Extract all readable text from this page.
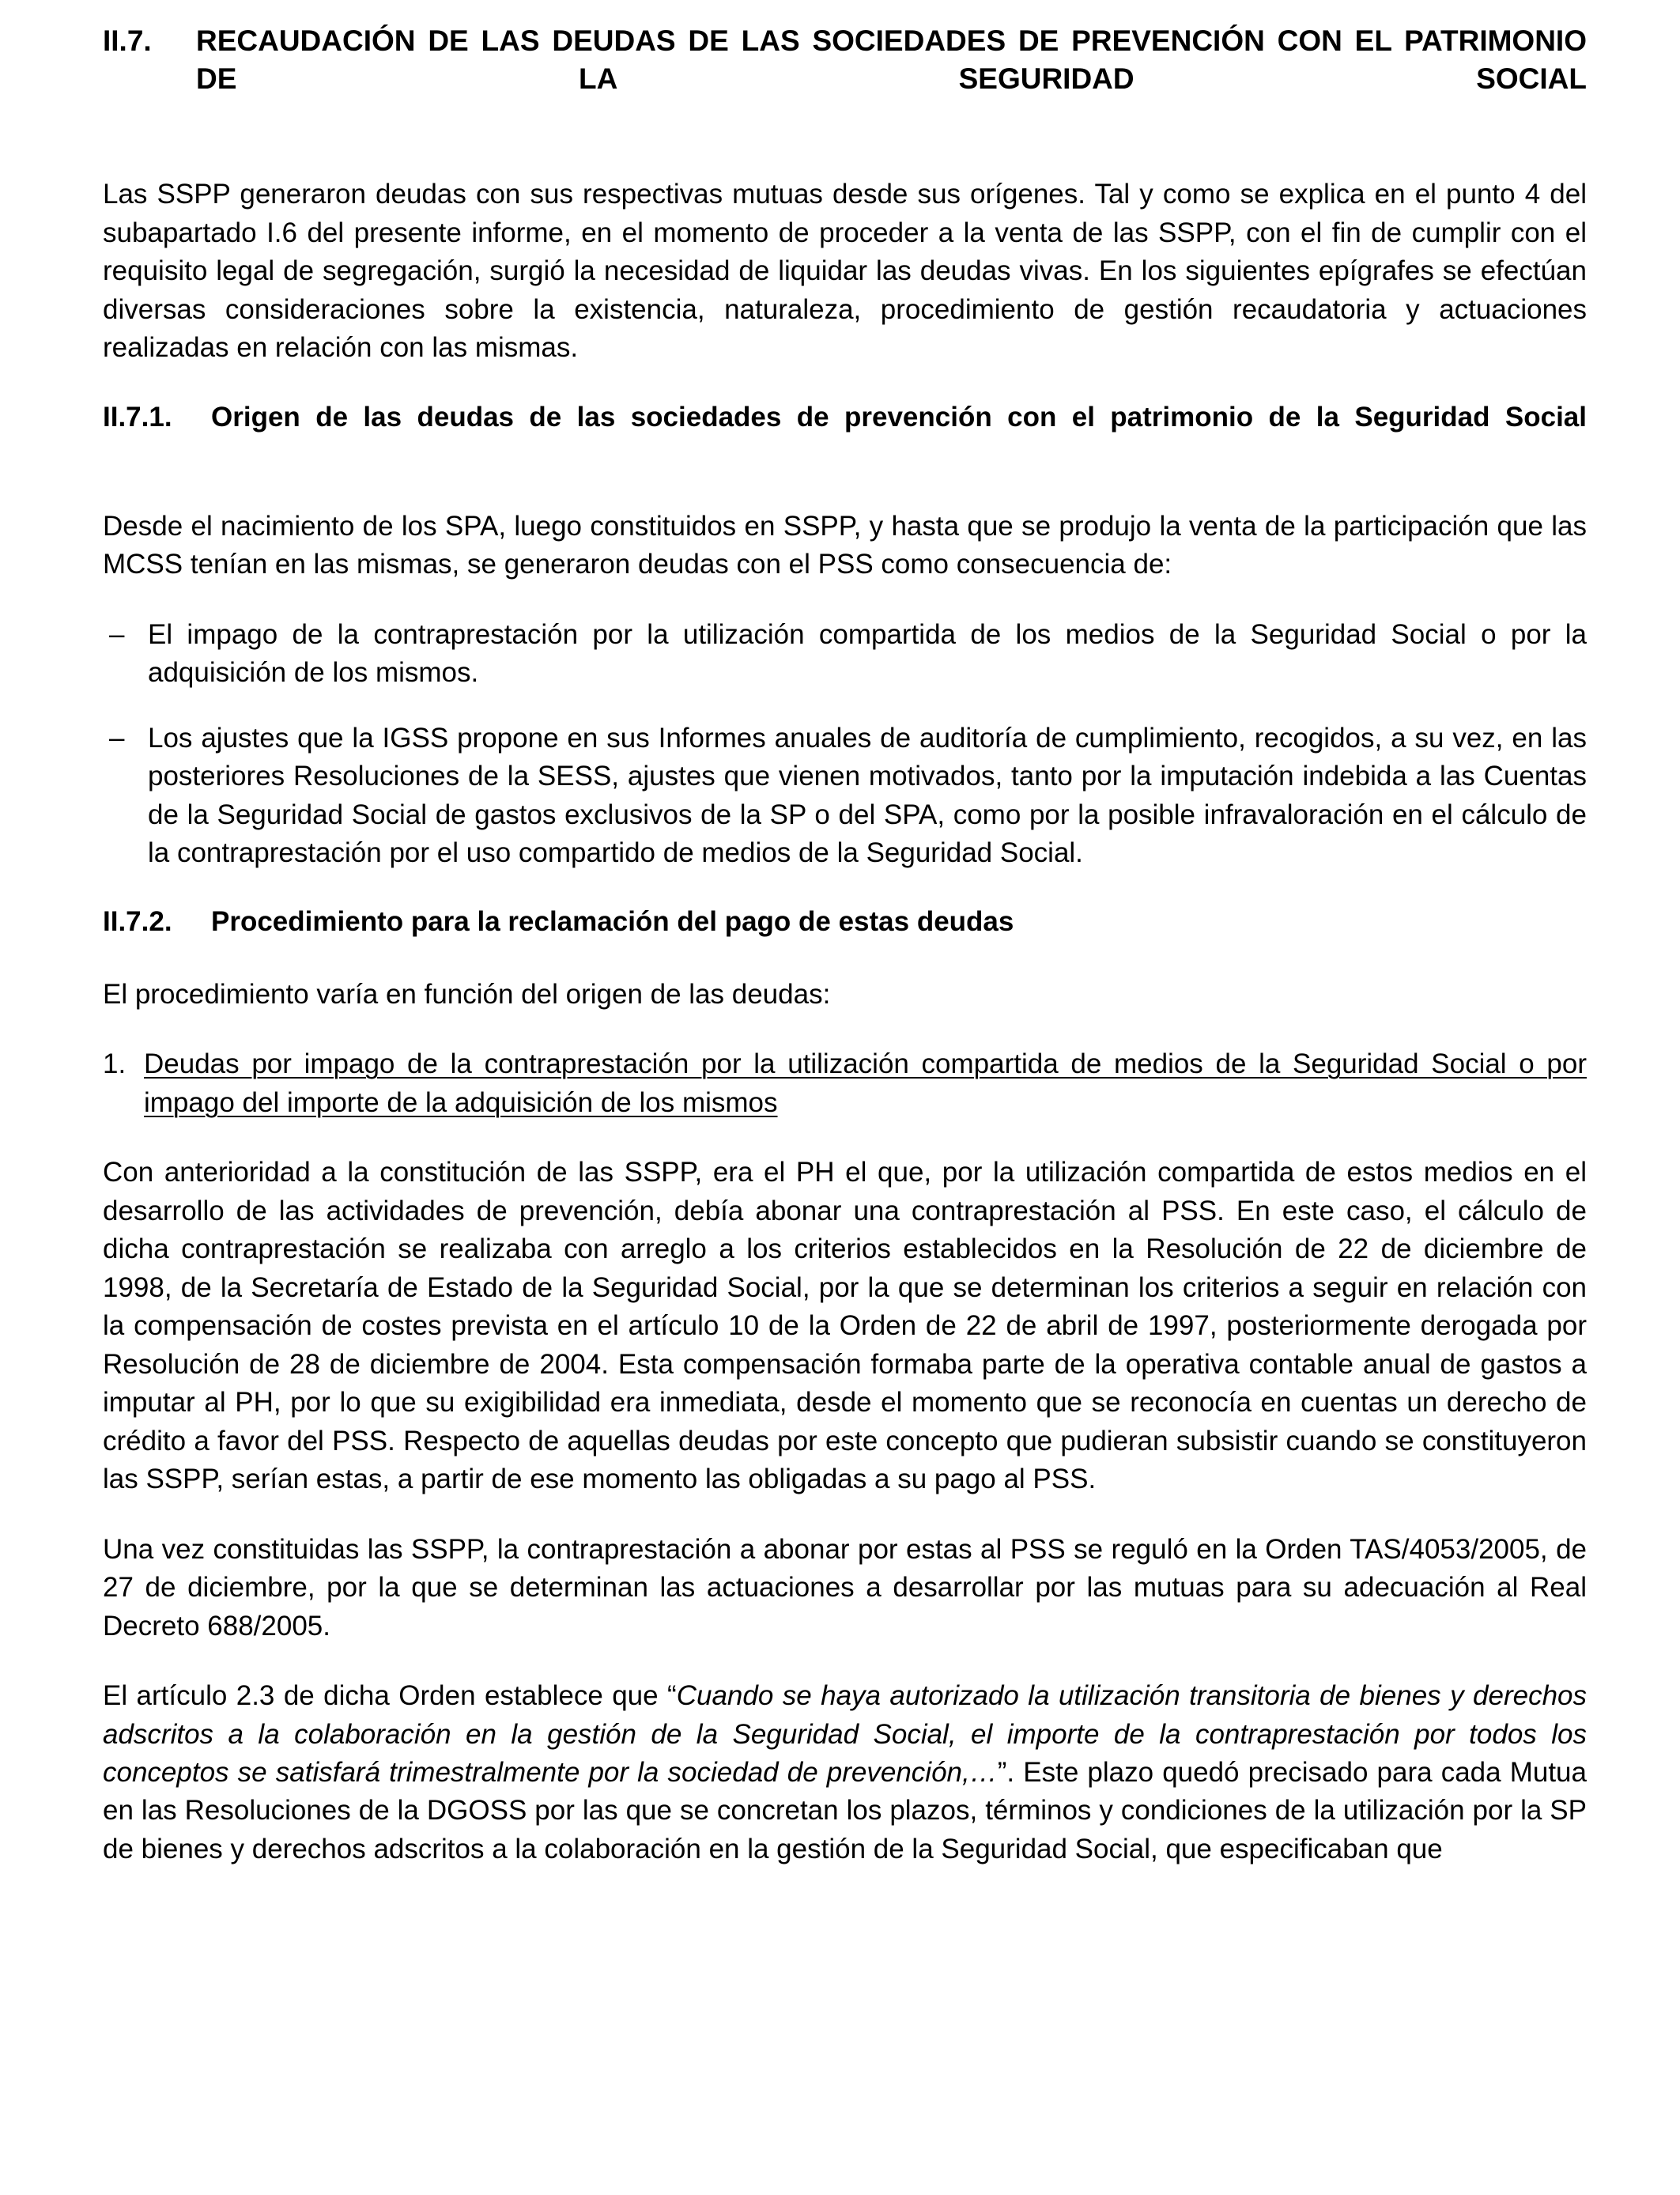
II.7.	RECAUDACIÓN DE LAS DEUDAS DE LAS SOCIEDADES DE PREVENCIÓN CON EL PATRIMONIO DE LA SEGURIDAD SOCIAL

Las SSPP generaron deudas con sus respectivas mutuas desde sus orígenes. Tal y como se explica en el punto 4 del subapartado I.6 del presente informe, en el momento de proceder a la venta de las SSPP, con el fin de cumplir con el requisito legal de segregación, surgió la necesidad de liquidar las deudas vivas. En los siguientes epígrafes se efectúan diversas consideraciones sobre la existencia, naturaleza, procedimiento de gestión recaudatoria y actuaciones realizadas en relación con las mismas.

II.7.1.	Origen de las deudas de las sociedades de prevención con el patrimonio de la Seguridad Social

Desde el nacimiento de los SPA, luego constituidos en SSPP, y hasta que se produjo la venta de la participación que las MCSS tenían en las mismas, se generaron deudas con el PSS como consecuencia de:

– El impago de la contraprestación por la utilización compartida de los medios de la Seguridad Social o por la adquisición de los mismos.
– Los ajustes que la IGSS propone en sus Informes anuales de auditoría de cumplimiento, recogidos, a su vez, en las posteriores Resoluciones de la SESS, ajustes que vienen motivados, tanto por la imputación indebida a las Cuentas de la Seguridad Social de gastos exclusivos de la SP o del SPA, como por la posible infravaloración en el cálculo de la contraprestación por el uso compartido de medios de la Seguridad Social.
II.7.2.	Procedimiento para la reclamación del pago de estas deudas

El procedimiento varía en función del origen de las deudas:

1. Deudas por impago de la contraprestación por la utilización compartida de medios de la Seguridad Social o por impago del importe de la adquisición de los mismos

Con anterioridad a la constitución de las SSPP, era el PH el que, por la utilización compartida de estos medios en el desarrollo de las actividades de prevención, debía abonar una contraprestación al PSS. En este caso, el cálculo de dicha contraprestación se realizaba con arreglo a los criterios establecidos en la Resolución de 22 de diciembre de 1998, de la Secretaría de Estado de la Seguridad Social, por la que se determinan los criterios a seguir en relación con la compensación de costes prevista en el artículo 10 de la Orden de 22 de abril de 1997, posteriormente derogada por Resolución de 28 de diciembre de 2004. Esta compensación formaba parte de la operativa contable anual de gastos a imputar al PH, por lo que su exigibilidad era inmediata, desde el momento que se reconocía en cuentas un derecho de crédito a favor del PSS. Respecto de aquellas deudas por este concepto que pudieran subsistir cuando se constituyeron las SSPP, serían estas, a partir de ese momento las obligadas a su pago al PSS.

Una vez constituidas las SSPP, la contraprestación a abonar por estas al PSS se reguló en la Orden TAS/4053/2005, de 27 de diciembre, por la que se determinan las actuaciones a desarrollar por las mutuas para su adecuación al Real Decreto 688/2005.

El artículo 2.3 de dicha Orden establece que “Cuando se haya autorizado la utilización transitoria de bienes y derechos adscritos a la colaboración en la gestión de la Seguridad Social, el importe de la contraprestación por todos los conceptos se satisfará trimestralmente por la sociedad de prevención,…”. Este plazo quedó precisado para cada Mutua en las Resoluciones de la DGOSS por las que se concretan los plazos, términos y condiciones de la utilización por la SP de bienes y derechos adscritos a la colaboración en la gestión de la Seguridad Social, que especificaban que
